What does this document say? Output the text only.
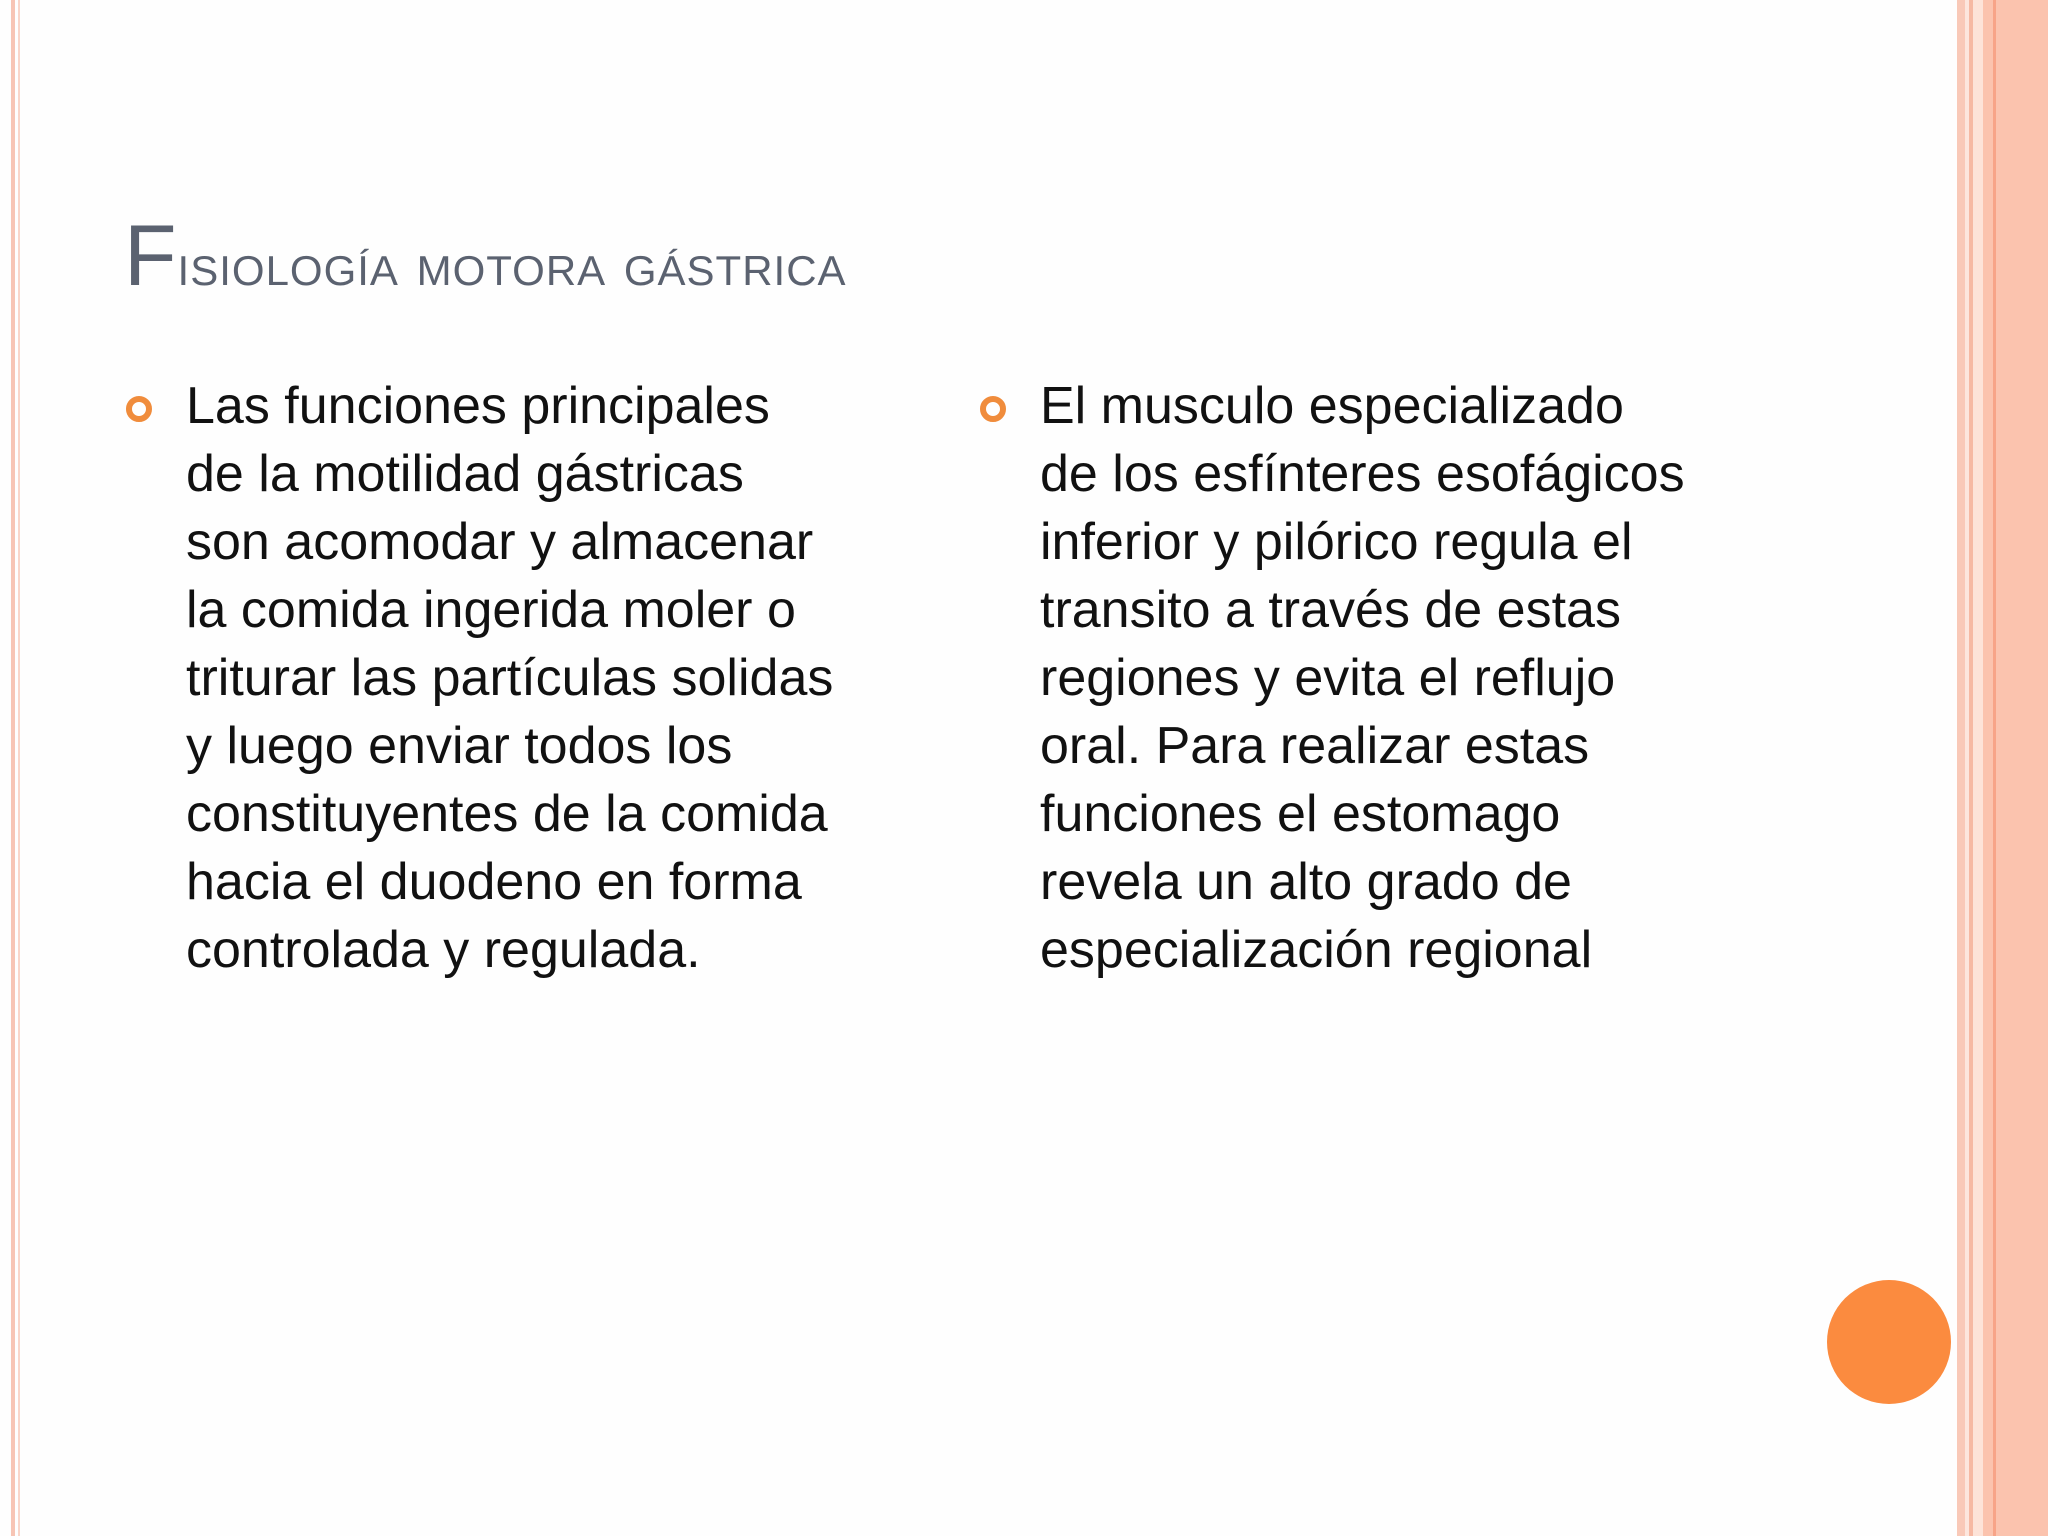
Fisiología motora gástrica
Las funciones principales
de la motilidad gástricas
son acomodar y almacenar
la comida ingerida moler o
triturar las partículas solidas
y luego enviar todos los
constituyentes de la comida
hacia el duodeno en forma
controlada y regulada.
El musculo especializado
de los esfínteres esofágicos
inferior y pilórico regula el
transito a través de estas
regiones y evita el reflujo
oral. Para realizar estas
funciones el estomago
revela un alto grado de
especialización regional
